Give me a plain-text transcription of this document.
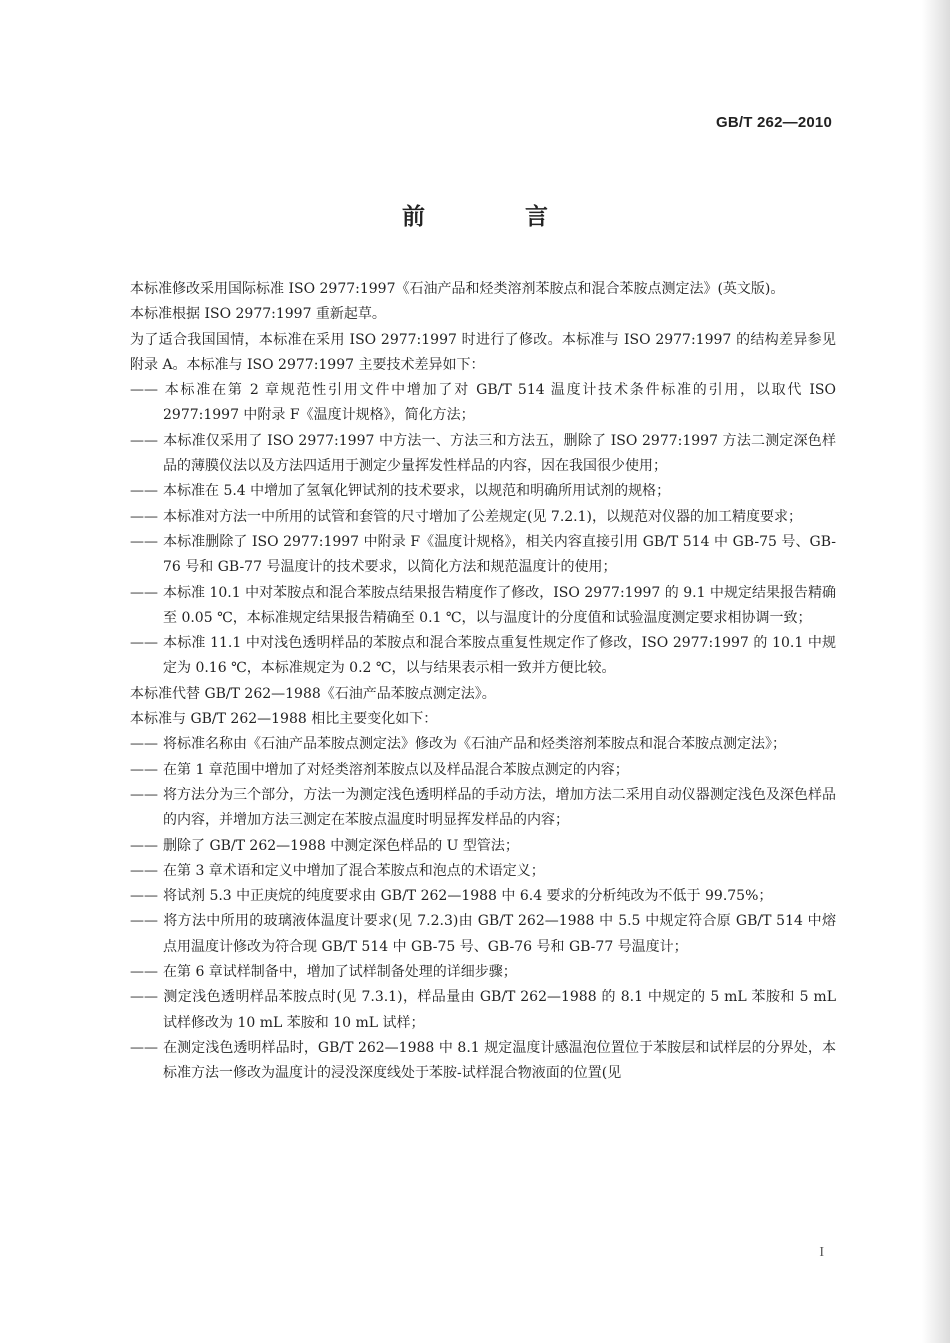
GB/T 262—2010
前 言

本标准修改采用国际标准 ISO 2977:1997《石油产品和烃类溶剂苯胺点和混合苯胺点测定法》(英文版)。

本标准根据 ISO 2977:1997 重新起草。

为了适合我国国情，本标准在采用 ISO 2977:1997 时进行了修改。本标准与 ISO 2977:1997 的结构差异参见附录 A。本标准与 ISO 2977:1997 主要技术差异如下：

—— 本标准在第 2 章规范性引用文件中增加了对 GB/T 514 温度计技术条件标准的引用，以取代 ISO 2977:1997 中附录 F《温度计规格》，简化方法；

—— 本标准仅采用了 ISO 2977:1997 中方法一、方法三和方法五，删除了 ISO 2977:1997 方法二测定深色样品的薄膜仪法以及方法四适用于测定少量挥发性样品的内容，因在我国很少使用；

—— 本标准在 5.4 中增加了氢氧化钾试剂的技术要求，以规范和明确所用试剂的规格；

—— 本标准对方法一中所用的试管和套管的尺寸增加了公差规定(见 7.2.1)，以规范对仪器的加工精度要求；

—— 本标准删除了 ISO 2977:1997 中附录 F《温度计规格》，相关内容直接引用 GB/T 514 中 GB-75 号、GB-76 号和 GB-77 号温度计的技术要求，以简化方法和规范温度计的使用；

—— 本标准 10.1 中对苯胺点和混合苯胺点结果报告精度作了修改，ISO 2977:1997 的 9.1 中规定结果报告精确至 0.05 ℃，本标准规定结果报告精确至 0.1 ℃，以与温度计的分度值和试验温度测定要求相协调一致；

—— 本标准 11.1 中对浅色透明样品的苯胺点和混合苯胺点重复性规定作了修改，ISO 2977:1997 的 10.1 中规定为 0.16 ℃，本标准规定为 0.2 ℃，以与结果表示相一致并方便比较。

本标准代替 GB/T 262—1988《石油产品苯胺点测定法》。

本标准与 GB/T 262—1988 相比主要变化如下：

—— 将标准名称由《石油产品苯胺点测定法》修改为《石油产品和烃类溶剂苯胺点和混合苯胺点测定法》；

—— 在第 1 章范围中增加了对烃类溶剂苯胺点以及样品混合苯胺点测定的内容；

—— 将方法分为三个部分，方法一为测定浅色透明样品的手动方法，增加方法二采用自动仪器测定浅色及深色样品的内容，并增加方法三测定在苯胺点温度时明显挥发样品的内容；

—— 删除了 GB/T 262—1988 中测定深色样品的 U 型管法；

—— 在第 3 章术语和定义中增加了混合苯胺点和泡点的术语定义；

—— 将试剂 5.3 中正庚烷的纯度要求由 GB/T 262—1988 中 6.4 要求的分析纯改为不低于 99.75%；

—— 将方法中所用的玻璃液体温度计要求(见 7.2.3)由 GB/T 262—1988 中 5.5 中规定符合原 GB/T 514 中熔点用温度计修改为符合现 GB/T 514 中 GB-75 号、GB-76 号和 GB-77 号温度计；

—— 在第 6 章试样制备中，增加了试样制备处理的详细步骤；

—— 测定浅色透明样品苯胺点时(见 7.3.1)，样品量由 GB/T 262—1988 的 8.1 中规定的 5 mL 苯胺和 5 mL 试样修改为 10 mL 苯胺和 10 mL 试样；

—— 在测定浅色透明样品时，GB/T 262—1988 中 8.1 规定温度计感温泡位置位于苯胺层和试样层的分界处，本标准方法一修改为温度计的浸没深度线处于苯胺-试样混合物液面的位置(见

I
